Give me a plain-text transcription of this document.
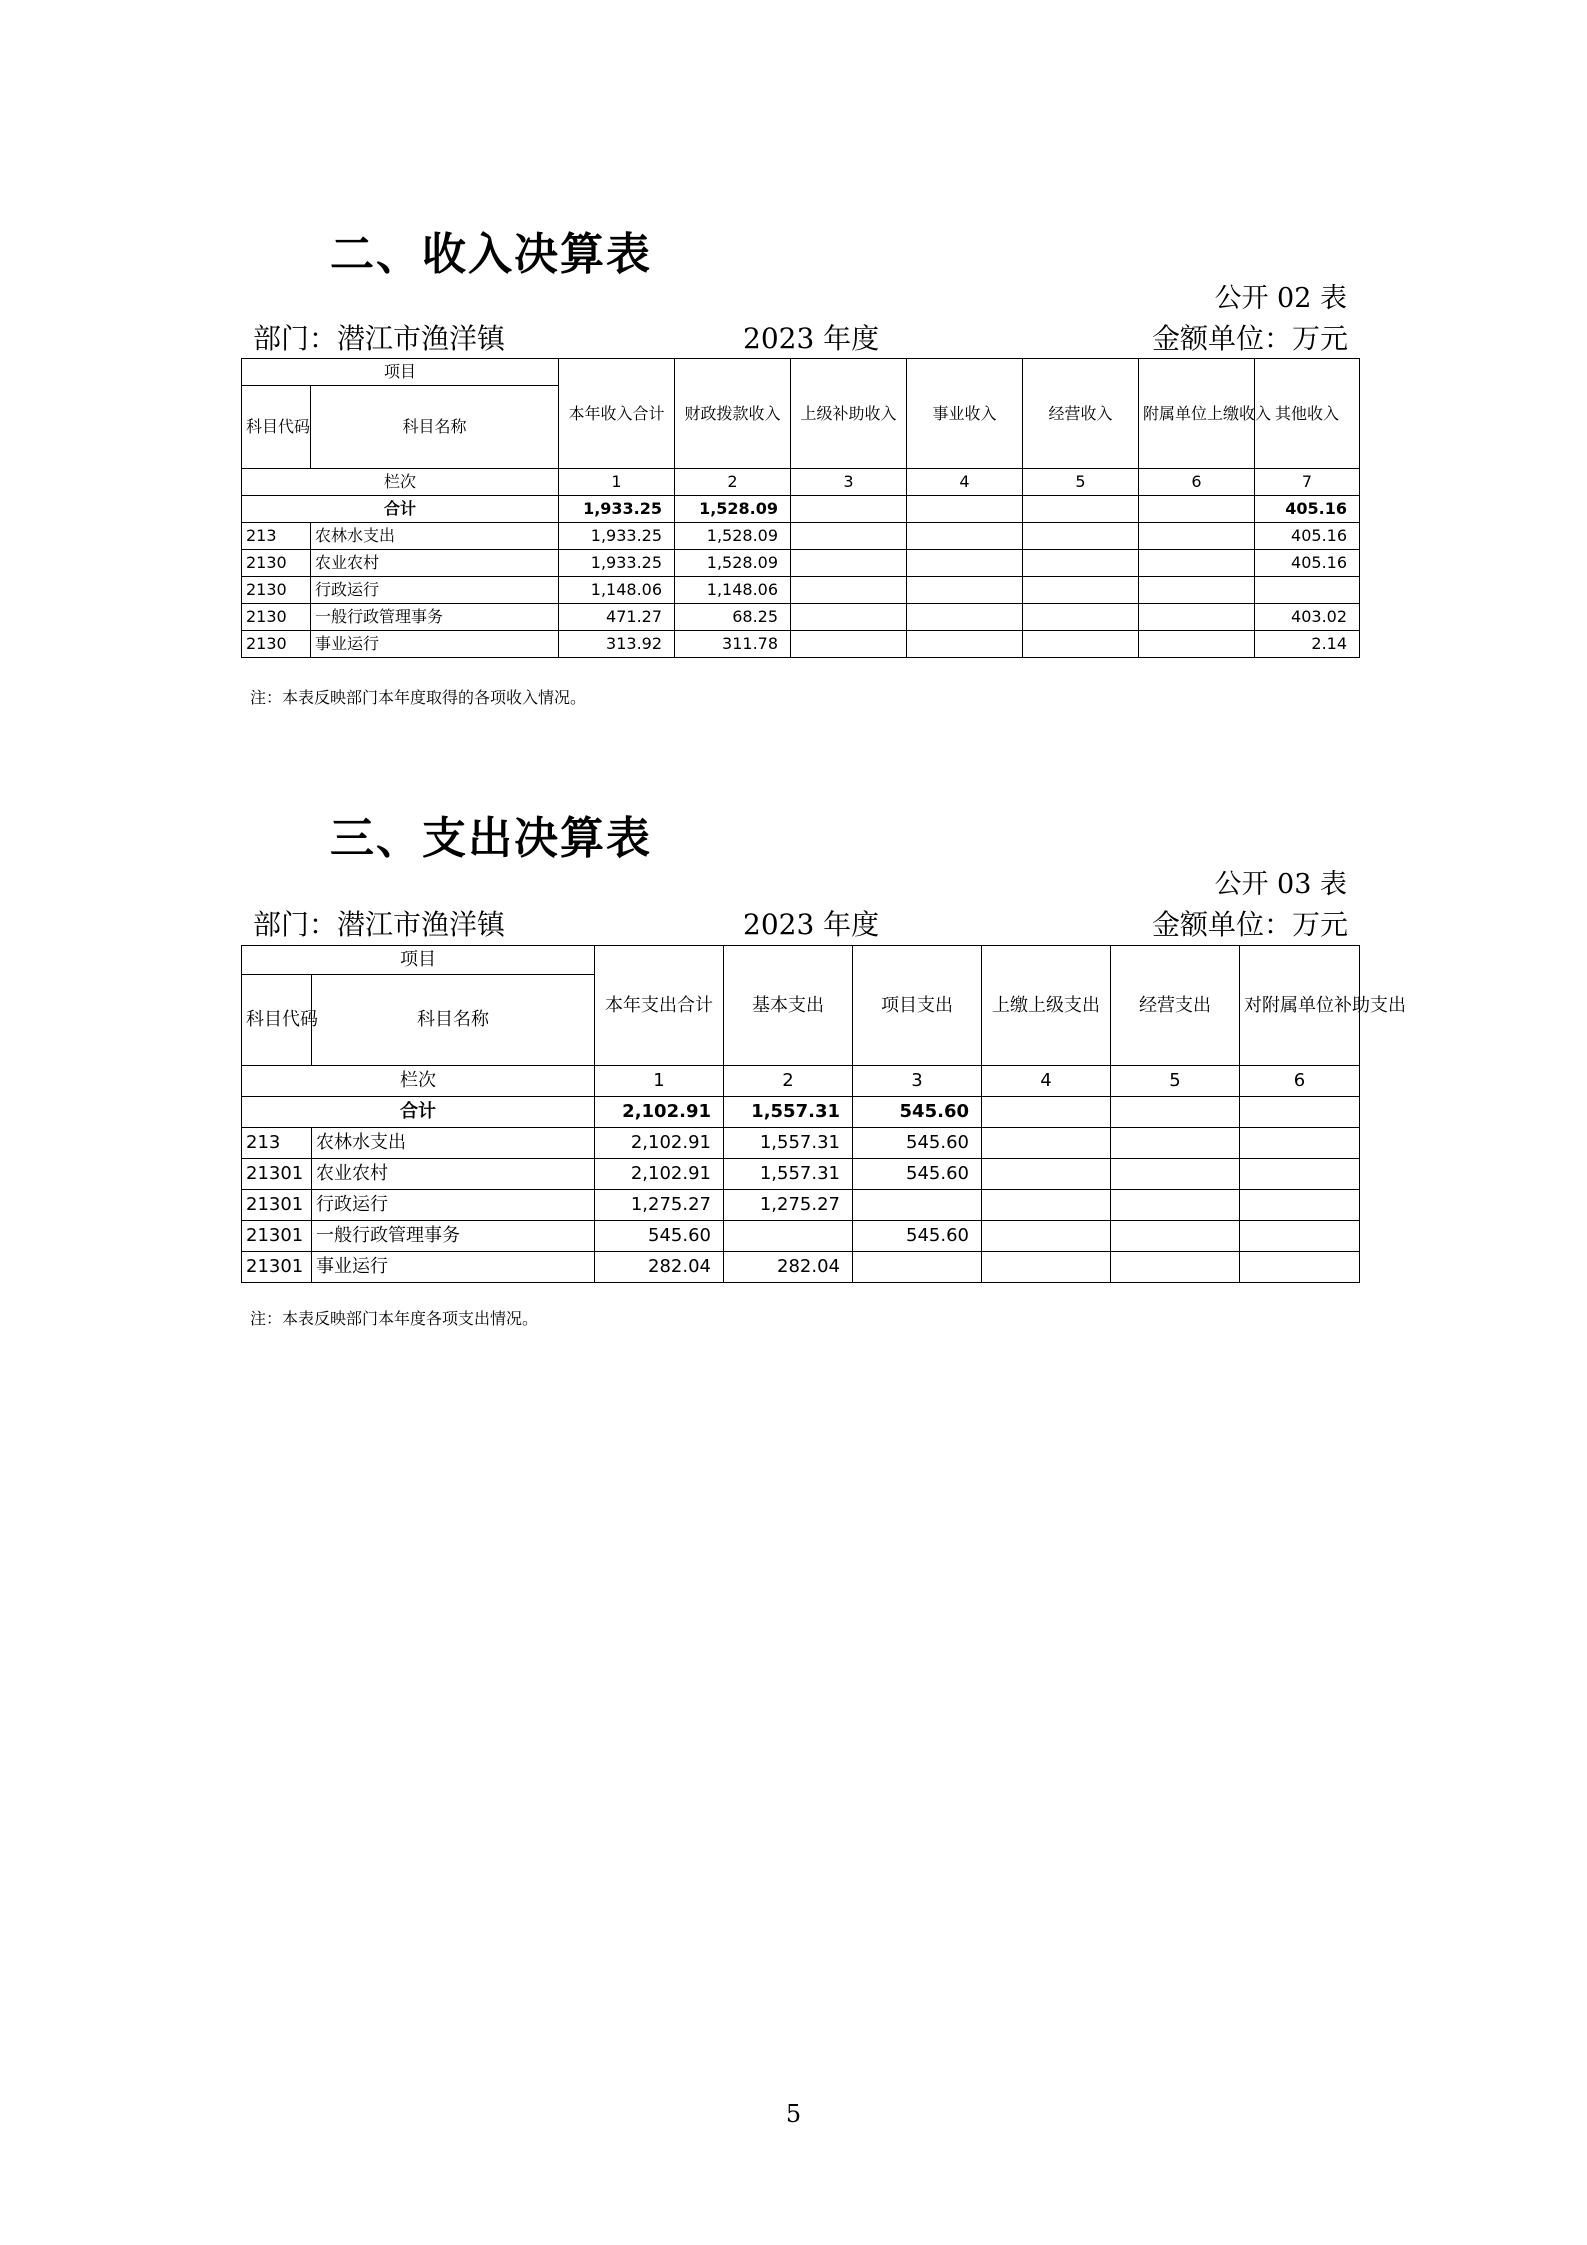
二、收入决算表
公开 02 表
部门：潜江市渔洋镇	2023 年度	金额单位：万元
项目		本年收入合计	财政拨款收入	上级补助收入	事业收入	经营收入	附属单位上缴收入	其他收入
科目代码	科目名称							
栏次		1	2	3	4	5	6	7
合计		1,933.25	1,528.09					405.16
213	农林水支出	1,933.25	1,528.09					405.16
2130	农业农村	1,933.25	1,528.09					405.16
2130	行政运行	1,148.06	1,148.06					
2130	一般行政管理事务	471.27	68.25					403.02
2130	事业运行	313.92	311.78					2.14
注：本表反映部门本年度取得的各项收入情况。
三、支出决算表
公开 03 表
部门：潜江市渔洋镇	2023 年度	金额单位：万元
项目		本年支出合计	基本支出	项目支出	上缴上级支出	经营支出	对附属单位补助支出
科目代码	科目名称						
栏次		1	2	3	4	5	6
合计		2,102.91	1,557.31	545.60			
213	农林水支出	2,102.91	1,557.31	545.60			
21301	农业农村	2,102.91	1,557.31	545.60			
21301	行政运行	1,275.27	1,275.27				
21301	一般行政管理事务	545.60		545.60			
21301	事业运行	282.04	282.04				
注：本表反映部门本年度各项支出情况。
5
